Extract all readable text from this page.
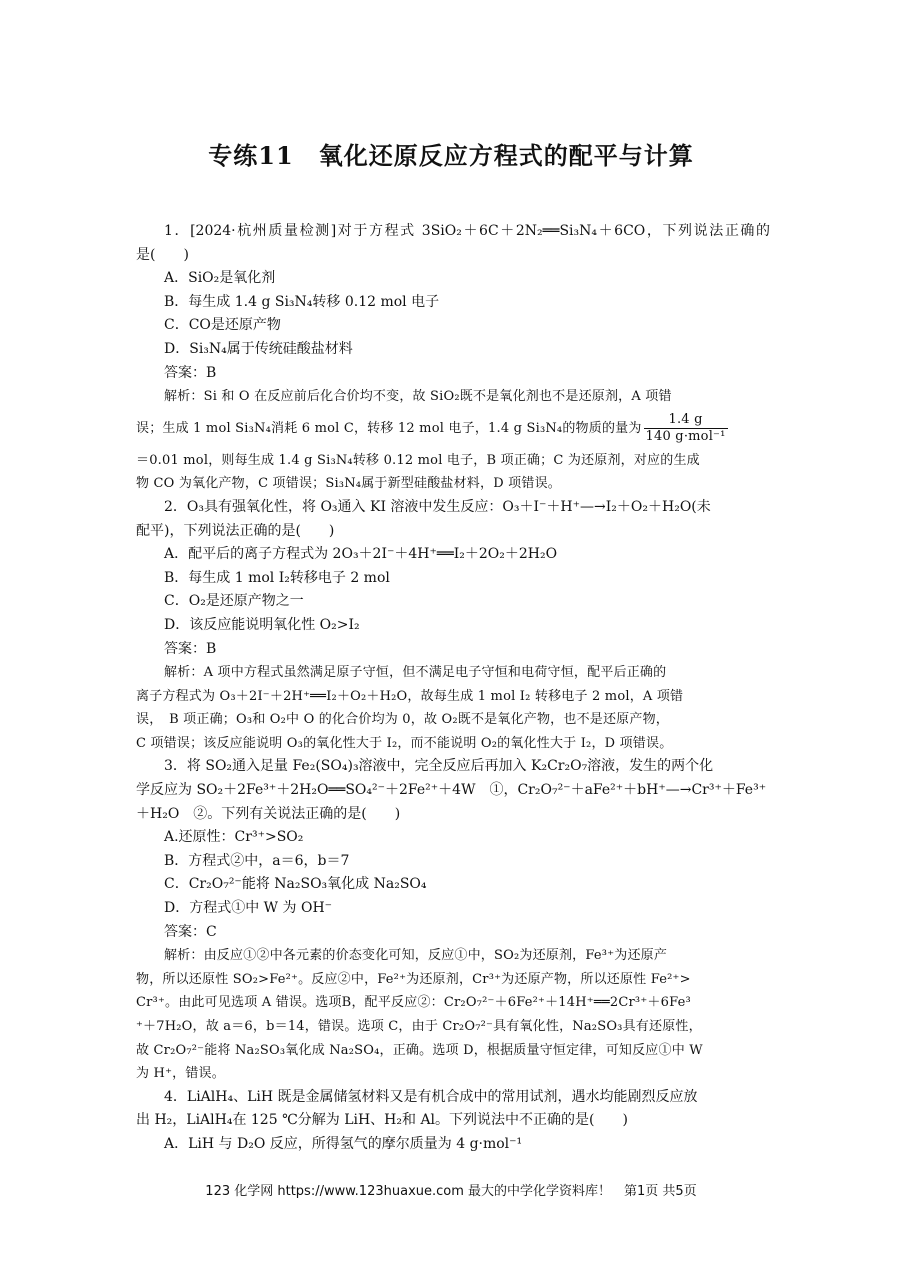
专练11　氧化还原反应方程式的配平与计算
1．[2024·杭州质量检测]对于方程式 3SiO₂＋6C＋2N₂══Si₃N₄＋6CO，下列说法正确的
是(　　)
A．SiO₂是氧化剂
B．每生成 1.4 g Si₃N₄转移 0.12 mol 电子
C．CO是还原产物
D．Si₃N₄属于传统硅酸盐材料
答案：B
解析：Si 和 O 在反应前后化合价均不变，故 SiO₂既不是氧化剂也不是还原剂，A 项错
误；生成 1 mol Si₃N₄消耗 6 mol C，转移 12 mol 电子，1.4 g Si₃N₄的物质的量为 $\frac{1.4 g}{\text{140 g·mol⁻¹}}$
＝0.01 mol，则每生成 1.4 g Si₃N₄转移 0.12 mol 电子，B 项正确；C 为还原剂，对应的生成
物 CO 为氧化产物，C 项错误；Si₃N₄属于新型硅酸盐材料，D 项错误。
2．O₃具有强氧化性，将 O₃通入 KI 溶液中发生反应：O₃＋I⁻＋H⁺—→I₂＋O₂＋H₂O(未
配平)，下列说法正确的是(　　)
A．配平后的离子方程式为 2O₃＋2I⁻＋4H⁺══I₂＋2O₂＋2H₂O
B．每生成 1 mol I₂转移电子 2 mol
C．O₂是还原产物之一
D．该反应能说明氧化性 O₂>I₂
答案：B
解析：A 项中方程式虽然满足原子守恒，但不满足电子守恒和电荷守恒，配平后正确的
离子方程式为 O₃＋2I⁻＋2H⁺══I₂＋O₂＋H₂O，故每生成 1 mol I₂ 转移电子 2 mol，A 项错
误，　B 项正确；O₃和 O₂中 O 的化合价均为 0，故 O₂既不是氧化产物，也不是还原产物，
C 项错误；该反应能说明 O₃的氧化性大于 I₂，而不能说明 O₂的氧化性大于 I₂，D 项错误。
3．将 SO₂通入足量 Fe₂(SO₄)₃溶液中，完全反应后再加入 K₂Cr₂O₇溶液，发生的两个化
学反应为 SO₂＋2Fe³⁺＋2H₂O══SO₄²⁻＋2Fe²⁺＋4W　①，Cr₂O₇²⁻＋aFe²⁺＋bH⁺—→Cr³⁺＋Fe³⁺
＋H₂O　②。下列有关说法正确的是(　　)
A.还原性：Cr³⁺>SO₂
B．方程式②中，a＝6，b＝7
C．Cr₂O₇²⁻能将 Na₂SO₃氧化成 Na₂SO₄
D．方程式①中 W 为 OH⁻
答案：C
解析：由反应①②中各元素的价态变化可知，反应①中，SO₂为还原剂，Fe³⁺为还原产
物，所以还原性 SO₂>Fe²⁺。反应②中，Fe²⁺为还原剂，Cr³⁺为还原产物，所以还原性 Fe²⁺>
Cr³⁺。由此可见选项 A 错误。选项B，配平反应②：Cr₂O₇²⁻＋6Fe²⁺＋14H⁺══2Cr³⁺＋6Fe³
⁺＋7H₂O，故 a＝6，b＝14，错误。选项 C，由于 Cr₂O₇²⁻具有氧化性，Na₂SO₃具有还原性，
故 Cr₂O₇²⁻能将 Na₂SO₃氧化成 Na₂SO₄，正确。选项 D，根据质量守恒定律，可知反应①中 W
为 H⁺，错误。
4．LiAlH₄、LiH 既是金属储氢材料又是有机合成中的常用试剂，遇水均能剧烈反应放
出 H₂，LiAlH₄在 125 ℃分解为 LiH、H₂和 Al。下列说法中不正确的是(　　)
A．LiH 与 D₂O 反应，所得氢气的摩尔质量为 4 g·mol⁻¹
123 化学网 https://www.123huaxue.com 最大的中学化学资料库！　第1页 共5页
